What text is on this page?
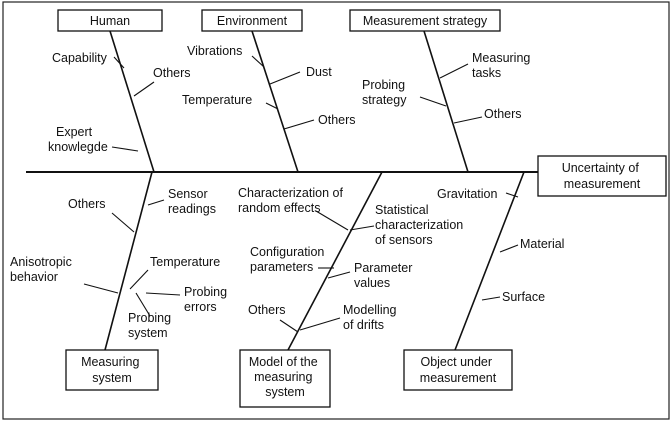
Human	Environment	Measurement strategy
Uncertainty of measurement
Measuring system
Model of the measuring system
Object under measurement
Capability
Others
Expert knowlegde
Vibrations
Dust
Temperature
Others
Measuring tasks
Probing strategy
Others
Others
Sensor readings
Anisotropic behavior
Temperature
Probing errors
Probing system
Characterization of random effects	Statistical characterization of sensors
Configuration parameters	Parameter values
Others	Modelling of drifts
Gravitation
Material
Surface
